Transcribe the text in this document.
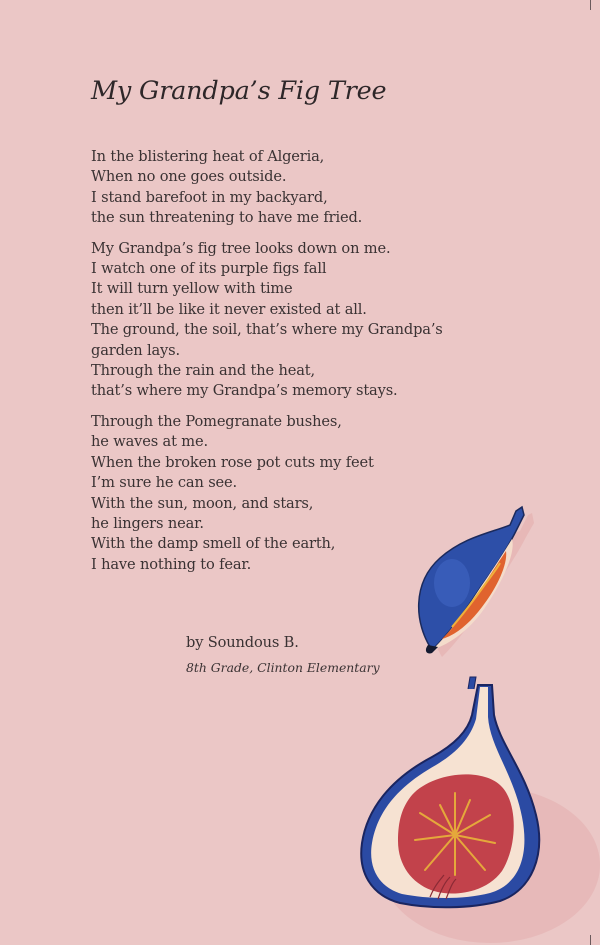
My Grandpa’s Fig Tree
In the blistering heat of Algeria,
When no one goes outside.
I stand barefoot in my backyard,
the sun threatening to have me fried.
My Grandpa’s fig tree looks down on me.
I watch one of its purple figs fall
It will turn yellow with time
then it’ll be like it never existed at all.
The ground, the soil, that’s where my Grandpa’s
garden lays.
Through the rain and the heat,
that’s where my Grandpa’s memory stays.
Through the Pomegranate bushes,
he waves at me.
When the broken rose pot cuts my feet
I’m sure he can see.
With the sun, moon, and stars,
he lingers near.
With the damp smell of the earth,
I have nothing to fear.
by Soundous B.
8th Grade, Clinton Elementary
